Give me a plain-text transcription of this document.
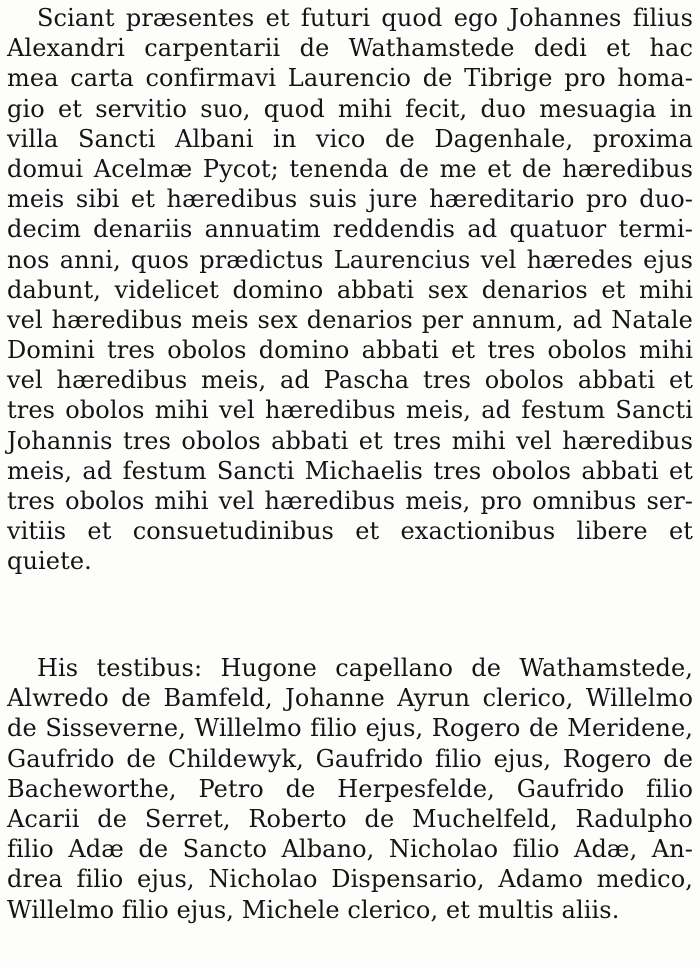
Sciant præsentes et futuri quod ego Johannes filius
Alexandri carpentarii de Wathamstede dedi et hac
mea carta confirmavi Laurencio de Tibrige pro homa-
gio et servitio suo, quod mihi fecit, duo mesuagia in
villa Sancti Albani in vico de Dagenhale, proxima
domui Acelmæ Pycot; tenenda de me et de hæredibus
meis sibi et hæredibus suis jure hæreditario pro duo-
decim denariis annuatim reddendis ad quatuor termi-
nos anni, quos prædictus Laurencius vel hæredes ejus
dabunt, videlicet domino abbati sex denarios et mihi
vel hæredibus meis sex denarios per annum, ad Natale
Domini tres obolos domino abbati et tres obolos mihi
vel hæredibus meis, ad Pascha tres obolos abbati et
tres obolos mihi vel hæredibus meis, ad festum Sancti
Johannis tres obolos abbati et tres mihi vel hæredibus
meis, ad festum Sancti Michaelis tres obolos abbati et
tres obolos mihi vel hæredibus meis, pro omnibus ser-
vitiis et consuetudinibus et exactionibus libere et
quiete.
His testibus: Hugone capellano de Wathamstede,
Alwredo de Bamfeld, Johanne Ayrun clerico, Willelmo
de Sisseverne, Willelmo filio ejus, Rogero de Meridene,
Gaufrido de Childewyk, Gaufrido filio ejus, Rogero de
Bacheworthe, Petro de Herpesfelde, Gaufrido filio
Acarii de Serret, Roberto de Muchelfeld, Radulpho
filio Adæ de Sancto Albano, Nicholao filio Adæ, An-
drea filio ejus, Nicholao Dispensario, Adamo medico,
Willelmo filio ejus, Michele clerico, et multis aliis.
